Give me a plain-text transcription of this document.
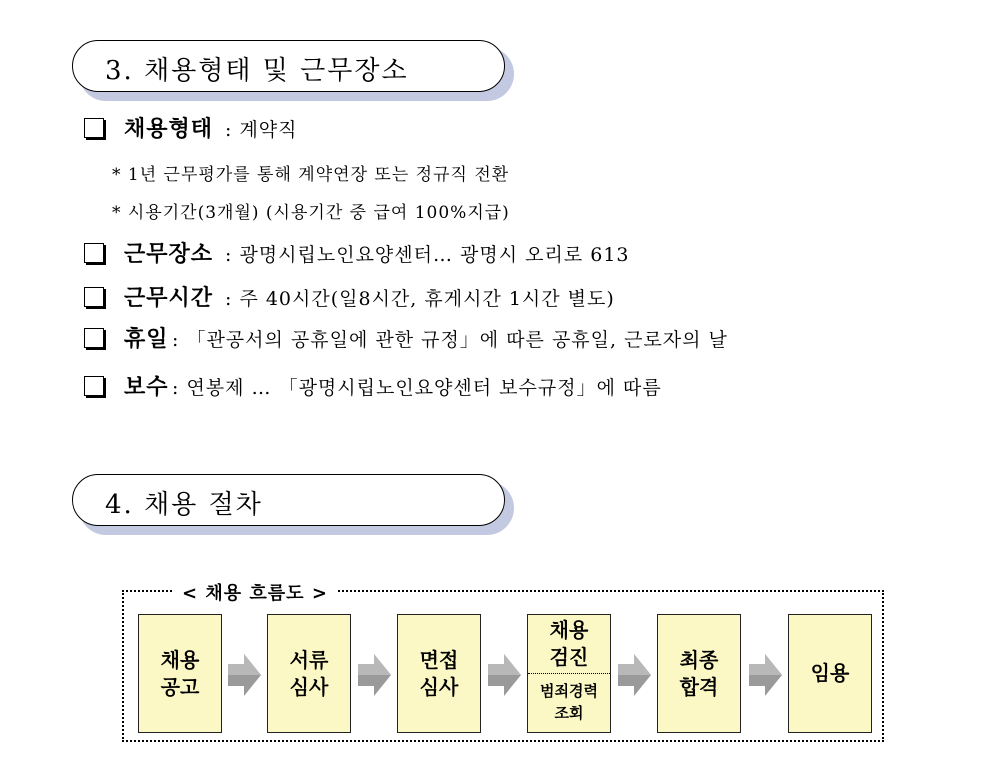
3. 채용형태 및 근무장소
채용형태 : 계약직
* 1년 근무평가를 통해 계약연장 또는 정규직 전환
* 시용기간(3개월) (시용기간 중 급여 100%지급)
근무장소 : 광명시립노인요양센터… 광명시 오리로 613
근무시간 : 주 40시간(일8시간, 휴게시간 1시간 별도)
휴일 : 「관공서의 공휴일에 관한 규정」에 따른 공휴일, 근로자의 날
보수 : 연봉제 … 「광명시립노인요양센터 보수규정」에 따름
4. 채용 절차
< 채용 흐름도 >
채용
공고
서류
심사
면접
심사
채용
검진
범죄경력
조회
최종
합격
임용
